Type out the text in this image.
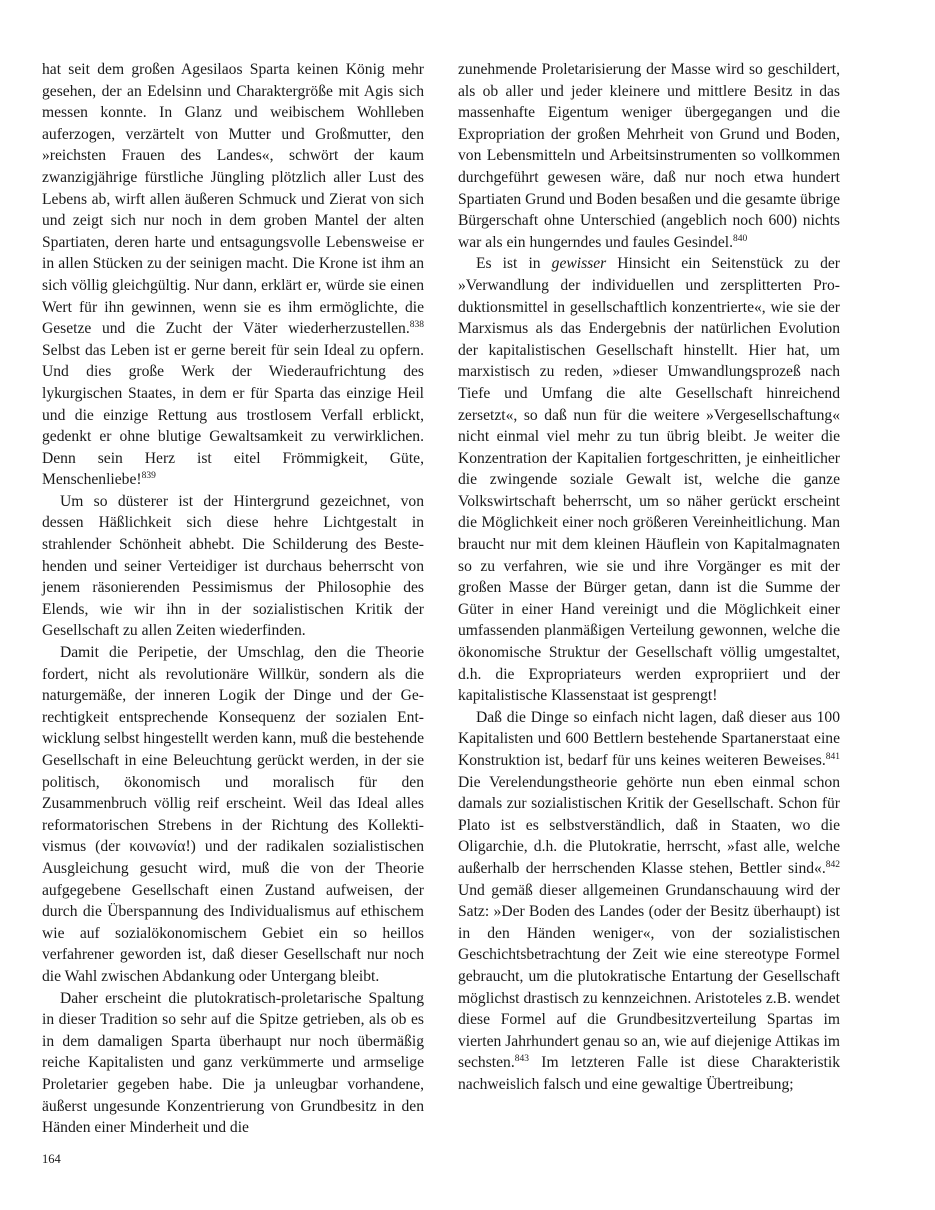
hat seit dem großen Agesilaos Sparta keinen König mehr gesehen, der an Edelsinn und Charaktergröße mit Agis sich messen konnte. In Glanz und weibischem Wohlleben auferzogen, verzärtelt von Mutter und Großmutter, den »reichsten Frauen des Landes«, schwört der kaum zwanzigjährige fürstliche Jüngling plötzlich aller Lust des Lebens ab, wirft allen äußeren Schmuck und Zierat von sich und zeigt sich nur noch in dem groben Mantel der alten Spartiaten, deren harte und entsagungsvolle Lebensweise er in allen Stücken zu der seinigen macht. Die Krone ist ihm an sich völlig gleichgültig. Nur dann, erklärt er, würde sie einen Wert für ihn gewinnen, wenn sie es ihm ermöglichte, die Gesetze und die Zucht der Väter wiederherzustellen.$^{838}$ Selbst das Leben ist er gerne bereit für sein Ideal zu opfern. Und dies große Werk der Wiederaufrichtung des lykurgischen Staates, in dem er für Sparta das einzige Heil und die einzige Rettung aus trostlosem Verfall erblickt, gedenkt er ohne blutige Gewaltsamkeit zu verwirklichen. Denn sein Herz ist eitel Frömmigkeit, Güte, Menschenliebe!$^{839}$

Um so düsterer ist der Hintergrund gezeichnet, von dessen Häßlichkeit sich diese hehre Lichtgestalt in strahlender Schönheit abhebt. Die Schilderung des Bestehenden und seiner Verteidiger ist durchaus beherrscht von jenem räsonierenden Pessimismus der Philosophie des Elends, wie wir ihn in der sozialistischen Kritik der Gesellschaft zu allen Zeiten wiederfinden.

Damit die Peripetie, der Umschlag, den die Theorie fordert, nicht als revolutionäre Willkür, sondern als die naturgemäße, der inneren Logik der Dinge und der Gerechtigkeit entsprechende Konsequenz der sozialen Entwicklung selbst hingestellt werden kann, muß die bestehende Gesellschaft in eine Beleuchtung gerückt werden, in der sie politisch, ökonomisch und moralisch für den Zusammenbruch völlig reif erscheint. Weil das Ideal alles reformatorischen Strebens in der Richtung des Kollektivismus (der κοινωνία!) und der radikalen sozialistischen Ausgleichung gesucht wird, muß die von der Theorie aufgegebene Gesellschaft einen Zustand aufweisen, der durch die Überspannung des Individualismus auf ethischem wie auf sozialökonomischem Gebiet ein so heillos verfahrener geworden ist, daß dieser Gesellschaft nur noch die Wahl zwischen Abdankung oder Untergang bleibt.

Daher erscheint die plutokratisch-proletarische Spaltung in dieser Tradition so sehr auf die Spitze getrieben, als ob es in dem damaligen Sparta überhaupt nur noch übermäßig reiche Kapitalisten und ganz verkümmerte und armselige Proletarier gegeben habe. Die ja unleugbar vorhandene, äußerst ungesunde Konzentrierung von Grundbesitz in den Händen einer Minderheit und die

zunehmende Proletarisierung der Masse wird so geschildert, als ob aller und jeder kleinere und mittlere Besitz in das massenhafte Eigentum weniger übergegangen und die Expropriation der großen Mehrheit von Grund und Boden, von Lebensmitteln und Arbeitsinstrumenten so vollkommen durchgeführt gewesen wäre, daß nur noch etwa hundert Spartiaten Grund und Boden besaßen und die gesamte übrige Bürgerschaft ohne Unterschied (angeblich noch 600) nichts war als ein hungerndes und faules Gesindel.$^{840}$

Es ist in gewisser Hinsicht ein Seitenstück zu der »Verwandlung der individuellen und zersplitterten Produktionsmittel in gesellschaftlich konzentrierte«, wie sie der Marxismus als das Endergebnis der natürlichen Evolution der kapitalistischen Gesellschaft hinstellt. Hier hat, um marxistisch zu reden, »dieser Umwandlungsprozeß nach Tiefe und Umfang die alte Gesellschaft hinreichend zersetzt«, so daß nun für die weitere »Vergesellschaftung« nicht einmal viel mehr zu tun übrig bleibt. Je weiter die Konzentration der Kapitalien fortgeschritten, je einheitlicher die zwingende soziale Gewalt ist, welche die ganze Volkswirtschaft beherrscht, um so näher gerückt erscheint die Möglichkeit einer noch größeren Vereinheitlichung. Man braucht nur mit dem kleinen Häuflein von Kapitalmagnaten so zu verfahren, wie sie und ihre Vorgänger es mit der großen Masse der Bürger getan, dann ist die Summe der Güter in einer Hand vereinigt und die Möglichkeit einer umfassenden planmäßigen Verteilung gewonnen, welche die ökonomische Struktur der Gesellschaft völlig umgestaltet, d.h. die Expropriateurs werden expropriiert und der kapitalistische Klassenstaat ist gesprengt!

Daß die Dinge so einfach nicht lagen, daß dieser aus 100 Kapitalisten und 600 Bettlern bestehende Spartanerstaat eine Konstruktion ist, bedarf für uns keines weiteren Beweises.$^{841}$ Die Verelendungstheorie gehörte nun eben einmal schon damals zur sozialistischen Kritik der Gesellschaft. Schon für Plato ist es selbstverständlich, daß in Staaten, wo die Oligarchie, d.h. die Plutokratie, herrscht, »fast alle, welche außerhalb der herrschenden Klasse stehen, Bettler sind«.$^{842}$ Und gemäß dieser allgemeinen Grundanschauung wird der Satz: »Der Boden des Landes (oder der Besitz überhaupt) ist in den Händen weniger«, von der sozialistischen Geschichtsbetrachtung der Zeit wie eine stereotype Formel gebraucht, um die plutokratische Entartung der Gesellschaft möglichst drastisch zu kennzeichnen. Aristoteles z.B. wendet diese Formel auf die Grundbesitzverteilung Spartas im vierten Jahrhundert genau so an, wie auf diejenige Attikas im sechsten.$^{843}$ Im letzteren Falle ist diese Charakteristik nachweislich falsch und eine gewaltige Übertreibung;

164
